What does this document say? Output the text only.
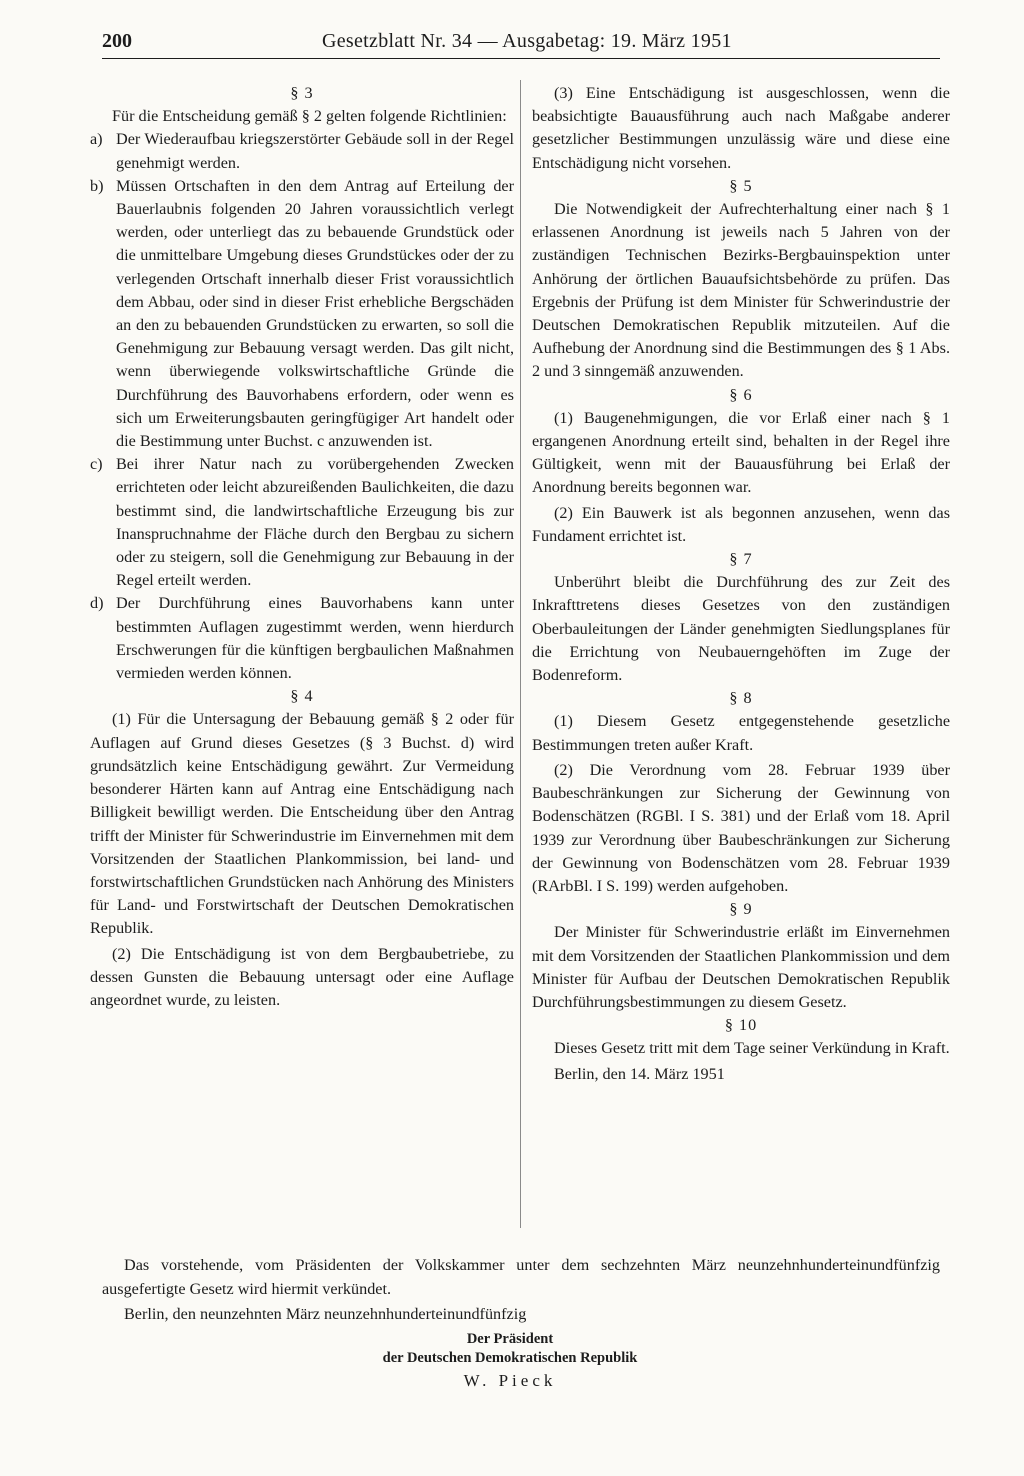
200	Gesetzblatt Nr. 34 — Ausgabetag: 19. März 1951

§ 3

Für die Entscheidung gemäß § 2 gelten folgende Richtlinien:

a) Der Wiederaufbau kriegszerstörter Gebäude soll in der Regel genehmigt werden.
b) Müssen Ortschaften in den dem Antrag auf Erteilung der Bauerlaubnis folgenden 20 Jahren voraussichtlich verlegt werden, oder unterliegt das zu bebauende Grundstück oder die unmittelbare Umgebung dieses Grundstückes oder der zu verlegenden Ortschaft innerhalb dieser Frist voraussichtlich dem Abbau, oder sind in dieser Frist erhebliche Bergschäden an den zu bebauenden Grundstücken zu erwarten, so soll die Genehmigung zur Bebauung versagt werden. Das gilt nicht, wenn überwiegende volkswirtschaftliche Gründe die Durchführung des Bauvorhabens erfordern, oder wenn es sich um Erweiterungsbauten geringfügiger Art handelt oder die Bestimmung unter Buchst. c anzuwenden ist.
c) Bei ihrer Natur nach zu vorübergehenden Zwecken errichteten oder leicht abzureißenden Baulichkeiten, die dazu bestimmt sind, die landwirtschaftliche Erzeugung bis zur Inanspruchnahme der Fläche durch den Bergbau zu sichern oder zu steigern, soll die Genehmigung zur Bebauung in der Regel erteilt werden.
d) Der Durchführung eines Bauvorhabens kann unter bestimmten Auflagen zugestimmt werden, wenn hierdurch Erschwerungen für die künftigen bergbaulichen Maßnahmen vermieden werden können.

§ 4

(1) Für die Untersagung der Bebauung gemäß § 2 oder für Auflagen auf Grund dieses Gesetzes (§ 3 Buchst. d) wird grundsätzlich keine Entschädigung gewährt. Zur Vermeidung besonderer Härten kann auf Antrag eine Entschädigung nach Billigkeit bewilligt werden. Die Entscheidung über den Antrag trifft der Minister für Schwerindustrie im Einvernehmen mit dem Vorsitzenden der Staatlichen Plankommission, bei land- und forstwirtschaftlichen Grundstücken nach Anhörung des Ministers für Land- und Forstwirtschaft der Deutschen Demokratischen Republik.

(2) Die Entschädigung ist von dem Bergbaubetriebe, zu dessen Gunsten die Bebauung untersagt oder eine Auflage angeordnet wurde, zu leisten.

(3) Eine Entschädigung ist ausgeschlossen, wenn die beabsichtigte Bauausführung auch nach Maßgabe anderer gesetzlicher Bestimmungen unzulässig wäre und diese eine Entschädigung nicht vorsehen.

§ 5

Die Notwendigkeit der Aufrechterhaltung einer nach § 1 erlassenen Anordnung ist jeweils nach 5 Jahren von der zuständigen Technischen Bezirks-Bergbauinspektion unter Anhörung der örtlichen Bauaufsichtsbehörde zu prüfen. Das Ergebnis der Prüfung ist dem Minister für Schwerindustrie der Deutschen Demokratischen Republik mitzuteilen. Auf die Aufhebung der Anordnung sind die Bestimmungen des § 1 Abs. 2 und 3 sinngemäß anzuwenden.

§ 6

(1) Baugenehmigungen, die vor Erlaß einer nach § 1 ergangenen Anordnung erteilt sind, behalten in der Regel ihre Gültigkeit, wenn mit der Bauausführung bei Erlaß der Anordnung bereits begonnen war.

(2) Ein Bauwerk ist als begonnen anzusehen, wenn das Fundament errichtet ist.

§ 7

Unberührt bleibt die Durchführung des zur Zeit des Inkrafttretens dieses Gesetzes von den zuständigen Oberbauleitungen der Länder genehmigten Siedlungsplanes für die Errichtung von Neubauerngehöften im Zuge der Bodenreform.

§ 8

(1) Diesem Gesetz entgegenstehende gesetzliche Bestimmungen treten außer Kraft.

(2) Die Verordnung vom 28. Februar 1939 über Baubeschränkungen zur Sicherung der Gewinnung von Bodenschätzen (RGBl. I S. 381) und der Erlaß vom 18. April 1939 zur Verordnung über Baubeschränkungen zur Sicherung der Gewinnung von Bodenschätzen vom 28. Februar 1939 (RArbBl. I S. 199) werden aufgehoben.

§ 9

Der Minister für Schwerindustrie erläßt im Einvernehmen mit dem Vorsitzenden der Staatlichen Plankommission und dem Minister für Aufbau der Deutschen Demokratischen Republik Durchführungsbestimmungen zu diesem Gesetz.

§ 10

Dieses Gesetz tritt mit dem Tage seiner Verkündung in Kraft.

Berlin, den 14. März 1951

Das vorstehende, vom Präsidenten der Volkskammer unter dem sechzehnten März neunzehnhunderteinundfünfzig ausgefertigte Gesetz wird hiermit verkündet.

Berlin, den neunzehnten März neunzehnhunderteinundfünfzig

Der Präsident
der Deutschen Demokratischen Republik
W. Pieck
